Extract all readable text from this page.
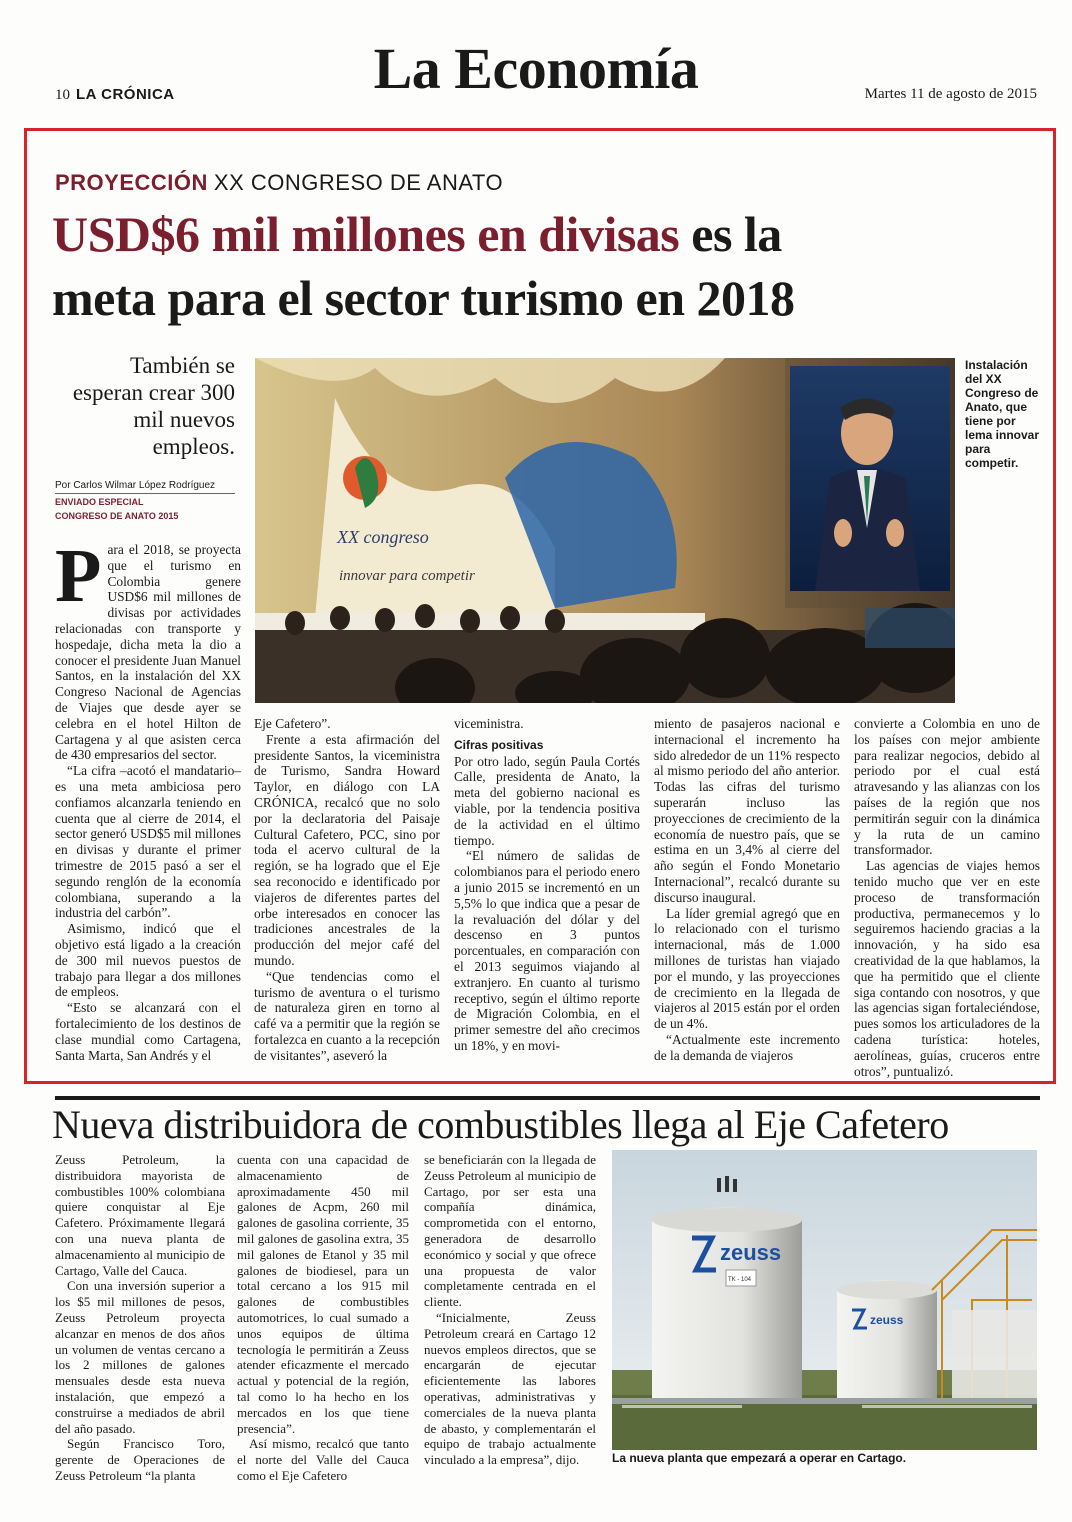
10 LA CRÓNICA	La Economía	Martes 11 de agosto de 2015
PROYECCIÓN XX CONGRESO DE ANATO
USD$6 mil millones en divisas es la
meta para el sector turismo en 2018
También se esperan crear 300 mil nuevos empleos.
Por Carlos Wilmar López Rodríguez
ENVIADO ESPECIAL
CONGRESO DE ANATO 2015
XX congreso
innovar para competir
Instalación del XX Congreso de Anato, que tiene por lema innovar para competir.

Para el 2018, se proyecta que el turismo en Colombia genere USD$6 mil millones de divisas por actividades relacionadas con transporte y hospedaje, dicha meta la dio a conocer el presidente Juan Manuel Santos, en la instalación del XX Congreso Nacional de Agencias de Viajes que desde ayer se celebra en el hotel Hilton de Cartagena y al que asisten cerca de 430 empresarios del sector.

“La cifra –acotó el mandatario– es una meta ambiciosa pero confiamos alcanzarla teniendo en cuenta que al cierre de 2014, el sector generó USD$5 mil millones en divisas y durante el primer trimestre de 2015 pasó a ser el segundo renglón de la economía colombiana, superando a la industria del carbón”.

Asimismo, indicó que el objetivo está ligado a la creación de 300 mil nuevos puestos de trabajo para llegar a dos millones de empleos.

“Esto se alcanzará con el fortalecimiento de los destinos de clase mundial como Cartagena, Santa Marta, San Andrés y el

Eje Cafetero”.

Frente a esta afirmación del presidente Santos, la viceministra de Turismo, Sandra Howard Taylor, en diálogo con LA CRÓNICA, recalcó que no solo por la declaratoria del Paisaje Cultural Cafetero, PCC, sino por toda el acervo cultural de la región, se ha logrado que el Eje sea reconocido e identificado por viajeros de diferentes partes del orbe interesados en conocer las tradiciones ancestrales de la producción del mejor café del mundo.

“Que tendencias como el turismo de aventura o el turismo de naturaleza giren en torno al café va a permitir que la región se fortalezca en cuanto a la recepción de visitantes”, aseveró la

viceministra.

Cifras positivas

Por otro lado, según Paula Cortés Calle, presidenta de Anato, la meta del gobierno nacional es viable, por la tendencia positiva de la actividad en el último tiempo.

“El número de salidas de colombianos para el periodo enero a junio 2015 se incrementó en un 5,5% lo que indica que a pesar de la revaluación del dólar y del descenso en 3 puntos porcentuales, en comparación con el 2013 seguimos viajando al extranjero. En cuanto al turismo receptivo, según el último reporte de Migración Colombia, en el primer semestre del año crecimos un 18%, y en movi-

miento de pasajeros nacional e internacional el incremento ha sido alrededor de un 11% respecto al mismo periodo del año anterior. Todas las cifras del turismo superarán incluso las proyecciones de crecimiento de la economía de nuestro país, que se estima en un 3,4% al cierre del año según el Fondo Monetario Internacional”, recalcó durante su discurso inaugural.

La líder gremial agregó que en lo relacionado con el turismo internacional, más de 1.000 millones de turistas han viajado por el mundo, y las proyecciones de crecimiento en la llegada de viajeros al 2015 están por el orden de un 4%.

“Actualmente este incremento de la demanda de viajeros

convierte a Colombia en uno de los países con mejor ambiente para realizar negocios, debido al periodo por el cual está atravesando y las alianzas con los países de la región que nos permitirán seguir con la dinámica y la ruta de un camino transformador.

Las agencias de viajes hemos tenido mucho que ver en este proceso de transformación productiva, permanecemos y lo seguiremos haciendo gracias a la innovación, y ha sido esa creatividad de la que hablamos, la que ha permitido que el cliente siga contando con nosotros, y que las agencias sigan fortaleciéndose, pues somos los articuladores de la cadena turística: hoteles, aerolíneas, guías, cruceros entre otros”, puntualizó.

Nueva distribuidora de combustibles llega al Eje Cafetero

Zeuss Petroleum, la distribuidora mayorista de combustibles 100% colombiana quiere conquistar al Eje Cafetero. Próximamente llegará con una nueva planta de almacenamiento al municipio de Cartago, Valle del Cauca.

Con una inversión superior a los $5 mil millones de pesos, Zeuss Petroleum proyecta alcanzar en menos de dos años un volumen de ventas cercano a los 2 millones de galones mensuales desde esta nueva instalación, que empezó a construirse a mediados de abril del año pasado.

Según Francisco Toro, gerente de Operaciones de Zeuss Petroleum “la planta

cuenta con una capacidad de almacenamiento de aproximadamente 450 mil galones de Acpm, 260 mil galones de gasolina corriente, 35 mil galones de gasolina extra, 35 mil galones de Etanol y 35 mil galones de biodiesel, para un total cercano a los 915 mil galones de combustibles automotrices, lo cual sumado a unos equipos de última tecnología le permitirán a Zeuss atender eficazmente el mercado actual y potencial de la región, tal como lo ha hecho en los mercados en los que tiene presencia”.

Así mismo, recalcó que tanto el norte del Valle del Cauca como el Eje Cafetero

se beneficiarán con la llegada de Zeuss Petroleum al municipio de Cartago, por ser esta una compañía dinámica, comprometida con el entorno, generadora de desarrollo económico y social y que ofrece una propuesta de valor completamente centrada en el cliente.

“Inicialmente, Zeuss Petroleum creará en Cartago 12 nuevos empleos directos, que se encargarán de ejecutar eficientemente las labores operativas, administrativas y comerciales de la nueva planta de abasto, y complementarán el equipo de trabajo actualmente vinculado a la empresa”, dijo.

zeuss
TK - 104
zeuss
La nueva planta que empezará a operar en Cartago.
